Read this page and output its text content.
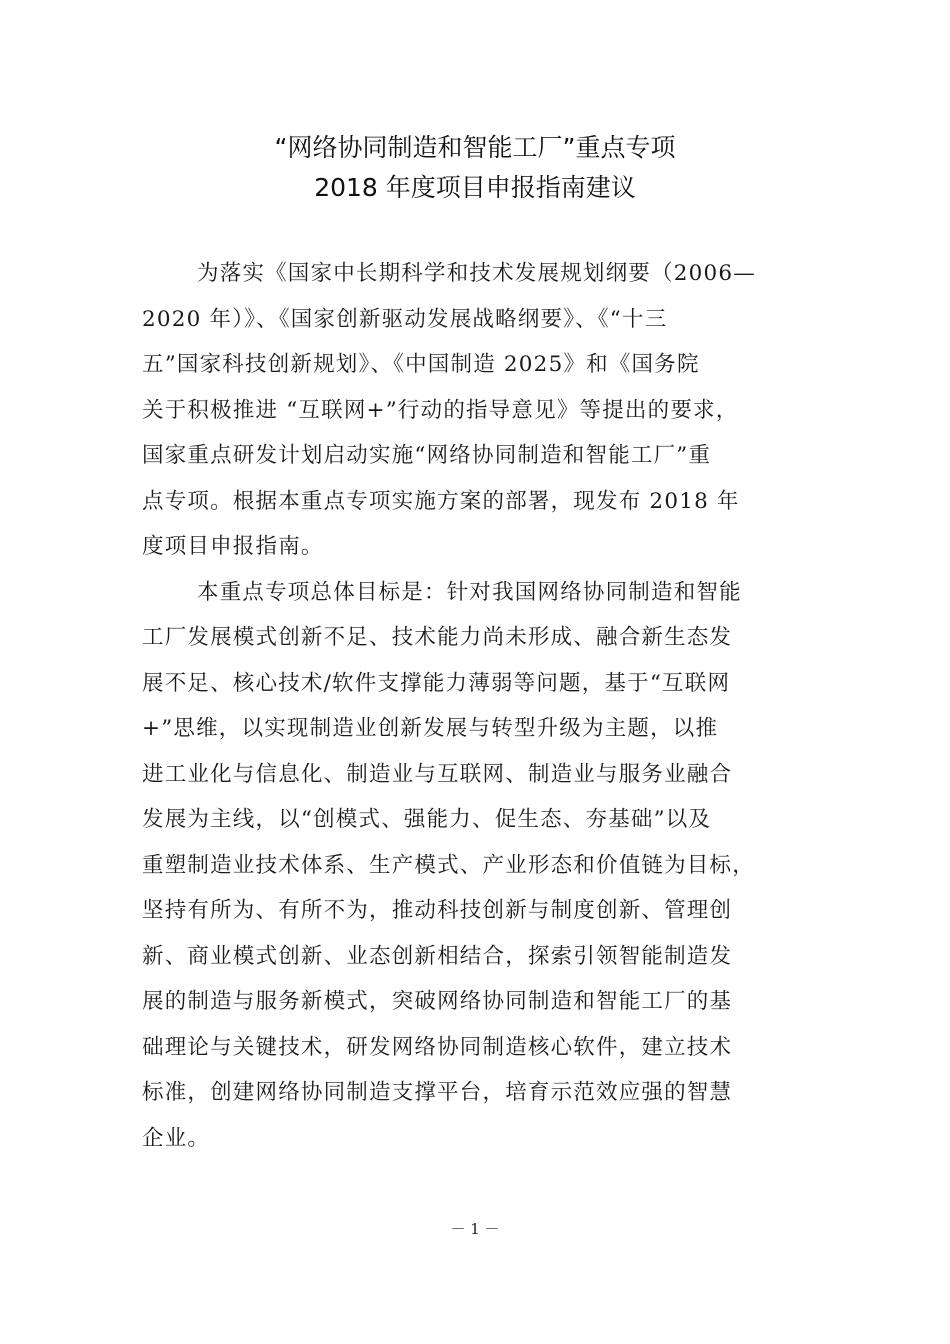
“网络协同制造和智能工厂”重点专项
2018 年度项目申报指南建议
为落实《国家中长期科学和技术发展规划纲要（2006—
2020 年）》、《国家创新驱动发展战略纲要》、《“十三
五”国家科技创新规划》、《中国制造 2025》和《国务院
关于积极推进 “互联网+”行动的指导意见》等提出的要求，
国家重点研发计划启动实施“网络协同制造和智能工厂”重
点专项。根据本重点专项实施方案的部署，现发布 2018 年
度项目申报指南。
本重点专项总体目标是：针对我国网络协同制造和智能
工厂发展模式创新不足、技术能力尚未形成、融合新生态发
展不足、核心技术/软件支撑能力薄弱等问题，基于“互联网
+”思维，以实现制造业创新发展与转型升级为主题，以推
进工业化与信息化、制造业与互联网、制造业与服务业融合
发展为主线，以“创模式、强能力、促生态、夯基础”以及
重塑制造业技术体系、生产模式、产业形态和价值链为目标，
坚持有所为、有所不为，推动科技创新与制度创新、管理创
新、商业模式创新、业态创新相结合，探索引领智能制造发
展的制造与服务新模式，突破网络协同制造和智能工厂的基
础理论与关键技术，研发网络协同制造核心软件，建立技术
标准，创建网络协同制造支撑平台，培育示范效应强的智慧
企业。
－ 1 －
